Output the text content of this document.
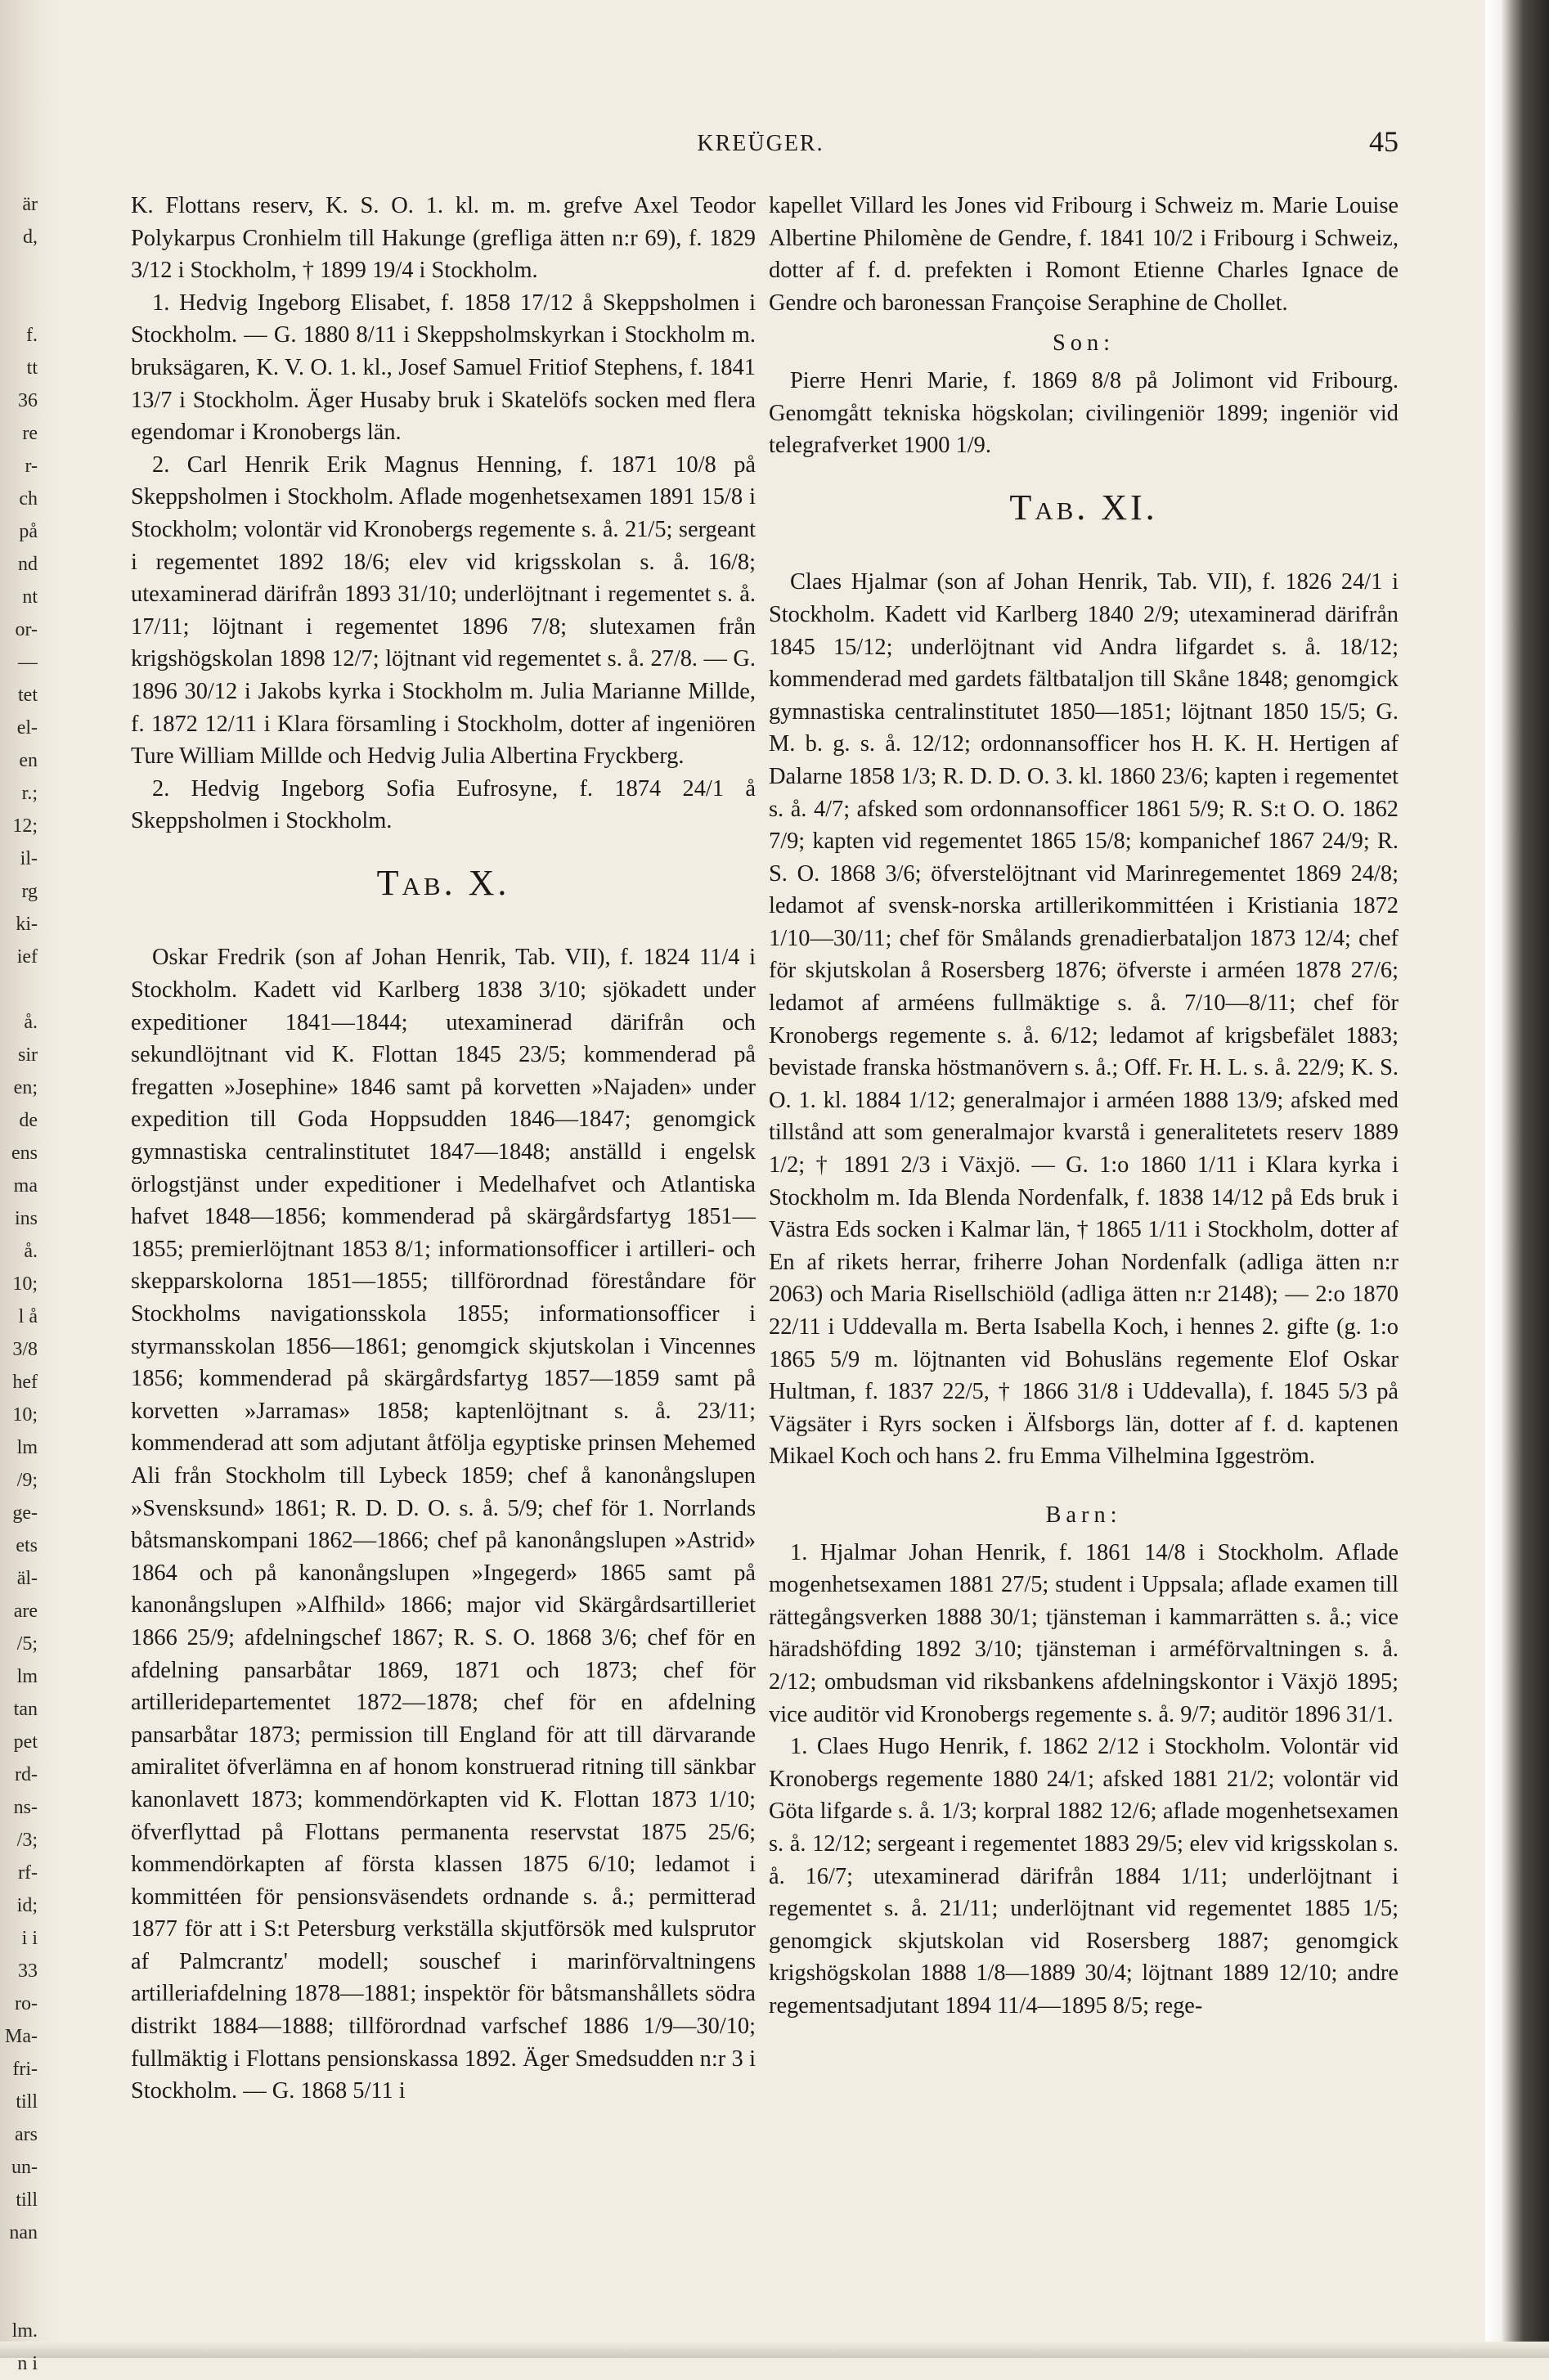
är
d,

f.
tt
36
re
r-
ch
på
nd
nt
or-
—
tet
el-
en
r.;
12;
il-
rg
ki-
ief

å.
sir
en;
de
ens
ma
ins
å.
10;
l å
3/8
hef
10;
lm
/9;
ge-
ets
äl-
are
/5;
lm
tan
pet
rd-
ns-
/3;
rf-
id;
i i
33
ro-
Ma-
fri-
till
ars
un-
till
nan

lm.
n i
KREÜGER.	45

K. Flottans reserv, K. S. O. 1. kl. m. m. grefve Axel Teodor Polykarpus Cronhielm till Hakunge (grefliga ätten n:r 69), f. 1829 3/12 i Stockholm, † 1899 19/4 i Stockholm.

1. Hedvig Ingeborg Elisabet, f. 1858 17/12 å Skeppsholmen i Stockholm. — G. 1880 8/11 i Skeppsholmskyrkan i Stockholm m. bruksägaren, K. V. O. 1. kl., Josef Samuel Fritiof Stephens, f. 1841 13/7 i Stockholm. Äger Husaby bruk i Skatelöfs socken med flera egendomar i Kronobergs län.

2. Carl Henrik Erik Magnus Henning, f. 1871 10/8 på Skeppsholmen i Stockholm. Aflade mogenhetsexamen 1891 15/8 i Stockholm; volontär vid Kronobergs regemente s. å. 21/5; sergeant i regementet 1892 18/6; elev vid krigsskolan s. å. 16/8; utexaminerad därifrån 1893 31/10; underlöjtnant i regementet s. å. 17/11; löjtnant i regementet 1896 7/8; slutexamen från krigshögskolan 1898 12/7; löjtnant vid regementet s. å. 27/8. — G. 1896 30/12 i Jakobs kyrka i Stockholm m. Julia Marianne Millde, f. 1872 12/11 i Klara församling i Stockholm, dotter af ingeniören Ture William Millde och Hedvig Julia Albertina Fryckberg.

2. Hedvig Ingeborg Sofia Eufrosyne, f. 1874 24/1 å Skeppsholmen i Stockholm.

Tab. X.

Oskar Fredrik (son af Johan Henrik, Tab. VII), f. 1824 11/4 i Stockholm. Kadett vid Karlberg 1838 3/10; sjökadett under expeditioner 1841—1844; utexaminerad därifrån och sekundlöjtnant vid K. Flottan 1845 23/5; kommenderad på fregatten »Josephine» 1846 samt på korvetten »Najaden» under expedition till Goda Hoppsudden 1846—1847; genomgick gymnastiska centralinstitutet 1847—1848; anställd i engelsk örlogstjänst under expeditioner i Medelhafvet och Atlantiska hafvet 1848—1856; kommenderad på skärgårdsfartyg 1851—1855; premierlöjtnant 1853 8/1; informationsofficer i artilleri- och skepparskolorna 1851—1855; tillförordnad föreståndare för Stockholms navigationsskola 1855; informationsofficer i styrmansskolan 1856—1861; genomgick skjutskolan i Vincennes 1856; kommenderad på skärgårdsfartyg 1857—1859 samt på korvetten »Jarramas» 1858; kaptenlöjtnant s. å. 23/11; kommenderad att som adjutant åtfölja egyptiske prinsen Mehemed Ali från Stockholm till Lybeck 1859; chef å kanonångslupen »Svensksund» 1861; R. D. D. O. s. å. 5/9; chef för 1. Norrlands båtsmanskompani 1862—1866; chef på kanonångslupen »Astrid» 1864 och på kanonångslupen »Ingegerd» 1865 samt på kanonångslupen »Alfhild» 1866; major vid Skärgårdsartilleriet 1866 25/9; afdelningschef 1867; R. S. O. 1868 3/6; chef för en afdelning pansarbåtar 1869, 1871 och 1873; chef för artilleridepartementet 1872—1878; chef för en afdelning pansarbåtar 1873; permission till England för att till därvarande amiralitet öfverlämna en af honom konstruerad ritning till sänkbar kanonlavett 1873; kommendörkapten vid K. Flottan 1873 1/10; öfverflyttad på Flottans permanenta reservstat 1875 25/6; kommendörkapten af första klassen 1875 6/10; ledamot i kommittéen för pensionsväsendets ordnande s. å.; permitterad 1877 för att i S:t Petersburg verkställa skjutförsök med kulsprutor af Palmcrantz' modell; souschef i marinförvaltningens artilleriafdelning 1878—1881; inspektör för båtsmanshållets södra distrikt 1884—1888; tillförordnad varfschef 1886 1/9—30/10; fullmäktig i Flottans pensionskassa 1892. Äger Smedsudden n:r 3 i Stockholm. — G. 1868 5/11 i

kapellet Villard les Jones vid Fribourg i Schweiz m. Marie Louise Albertine Philomène de Gendre, f. 1841 10/2 i Fribourg i Schweiz, dotter af f. d. prefekten i Romont Etienne Charles Ignace de Gendre och baronessan Françoise Seraphine de Chollet.

Son:

Pierre Henri Marie, f. 1869 8/8 på Jolimont vid Fribourg. Genomgått tekniska högskolan; civilingeniör 1899; ingeniör vid telegrafverket 1900 1/9.

Tab. XI.

Claes Hjalmar (son af Johan Henrik, Tab. VII), f. 1826 24/1 i Stockholm. Kadett vid Karlberg 1840 2/9; utexaminerad därifrån 1845 15/12; underlöjtnant vid Andra lifgardet s. å. 18/12; kommenderad med gardets fältbataljon till Skåne 1848; genomgick gymnastiska centralinstitutet 1850—1851; löjtnant 1850 15/5; G. M. b. g. s. å. 12/12; ordonnansofficer hos H. K. H. Hertigen af Dalarne 1858 1/3; R. D. D. O. 3. kl. 1860 23/6; kapten i regementet s. å. 4/7; afsked som ordonnansofficer 1861 5/9; R. S:t O. O. 1862 7/9; kapten vid regementet 1865 15/8; kompanichef 1867 24/9; R. S. O. 1868 3/6; öfverstelöjtnant vid Marinregementet 1869 24/8; ledamot af svensk-norska artillerikommittéen i Kristiania 1872 1/10—30/11; chef för Smålands grenadierbataljon 1873 12/4; chef för skjutskolan å Rosersberg 1876; öfverste i arméen 1878 27/6; ledamot af arméens fullmäktige s. å. 7/10—8/11; chef för Kronobergs regemente s. å. 6/12; ledamot af krigsbefälet 1883; bevistade franska höstmanövern s. å.; Off. Fr. H. L. s. å. 22/9; K. S. O. 1. kl. 1884 1/12; generalmajor i arméen 1888 13/9; afsked med tillstånd att som generalmajor kvarstå i generalitetets reserv 1889 1/2; † 1891 2/3 i Växjö. — G. 1:o 1860 1/11 i Klara kyrka i Stockholm m. Ida Blenda Nordenfalk, f. 1838 14/12 på Eds bruk i Västra Eds socken i Kalmar län, † 1865 1/11 i Stockholm, dotter af En af rikets herrar, friherre Johan Nordenfalk (adliga ätten n:r 2063) och Maria Risellschiöld (adliga ätten n:r 2148); — 2:o 1870 22/11 i Uddevalla m. Berta Isabella Koch, i hennes 2. gifte (g. 1:o 1865 5/9 m. löjtnanten vid Bohusläns regemente Elof Oskar Hultman, f. 1837 22/5, † 1866 31/8 i Uddevalla), f. 1845 5/3 på Vägsäter i Ryrs socken i Älfsborgs län, dotter af f. d. kaptenen Mikael Koch och hans 2. fru Emma Vilhelmina Iggeström.

Barn:

1. Hjalmar Johan Henrik, f. 1861 14/8 i Stockholm. Aflade mogenhetsexamen 1881 27/5; student i Uppsala; aflade examen till rättegångsverken 1888 30/1; tjänsteman i kammarrätten s. å.; vice häradshöfding 1892 3/10; tjänsteman i arméförvaltningen s. å. 2/12; ombudsman vid riksbankens afdelningskontor i Växjö 1895; vice auditör vid Kronobergs regemente s. å. 9/7; auditör 1896 31/1.

1. Claes Hugo Henrik, f. 1862 2/12 i Stockholm. Volontär vid Kronobergs regemente 1880 24/1; afsked 1881 21/2; volontär vid Göta lifgarde s. å. 1/3; korpral 1882 12/6; aflade mogenhetsexamen s. å. 12/12; sergeant i regementet 1883 29/5; elev vid krigsskolan s. å. 16/7; utexaminerad därifrån 1884 1/11; underlöjtnant i regementet s. å. 21/11; underlöjtnant vid regementet 1885 1/5; genomgick skjutskolan vid Rosersberg 1887; genomgick krigshögskolan 1888 1/8—1889 30/4; löjtnant 1889 12/10; andre regementsadjutant 1894 11/4—1895 8/5; rege-
